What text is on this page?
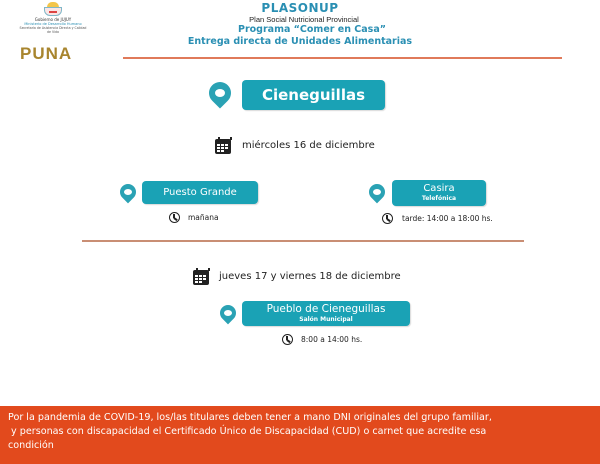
Gobierno de JUJUY
Ministerio de Desarrollo Humano
Secretaría de Asistencia Directa y Calidad de Vida
PUNA
PLASONUP
Plan Social Nutricional Provincial
Programa “Comer en Casa”
Entrega directa de Unidades Alimentarias
Cieneguillas
miércoles 16 de diciembre
Puesto Grande
mañana
Casira
Telefónica
tarde: 14:00 a 18:00 hs.
jueves 17 y viernes 18 de diciembre
Pueblo de Cieneguillas
Salón Municipal
8:00 a 14:00 hs.
Por la pandemia de COVID-19, los/las titulares deben tener a mano DNI originales del grupo familiar,
y personas con discapacidad el Certificado Único de Discapacidad (CUD) o carnet que acredite esa
condición
